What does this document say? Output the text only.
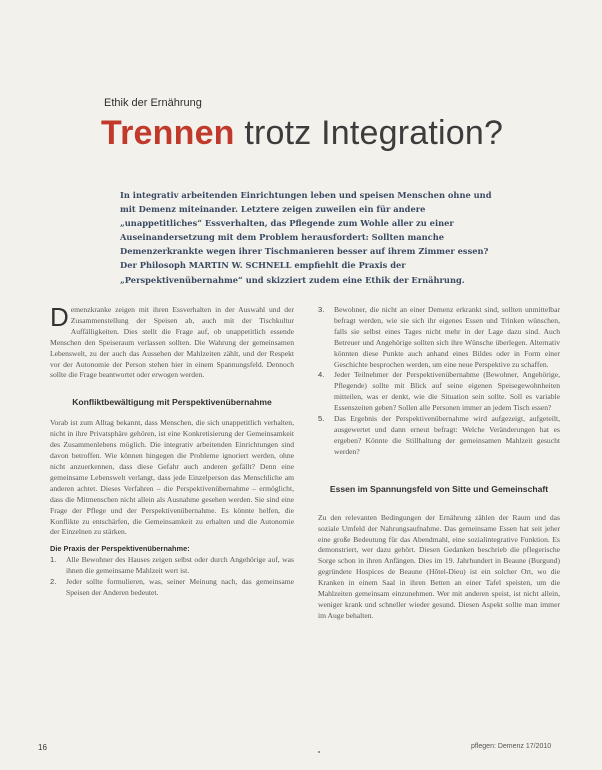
Ethik der Ernährung
Trennen trotz Integration?
In integrativ arbeitenden Einrichtungen leben und speisen Menschen ohne und mit Demenz miteinander. Letztere zeigen zuweilen ein für andere „unappetitliches“ Essverhalten, das Pflegende zum Wohle aller zu einer Auseinandersetzung mit dem Problem herausfordert: Sollten manche Demenzerkrankte wegen ihrer Tischmanieren besser auf ihrem Zimmer essen? Der Philosoph MARTIN W. SCHNELL empfiehlt die Praxis der „Perspektivenübernahme“ und skizziert zudem eine Ethik der Ernährung.

Demenzkranke zeigen mit ihren Essverhalten in der Auswahl und der Zusammenstellung der Speisen ab, auch mit der Tischkultur Auffälligkeiten. Dies stellt die Frage auf, ob unappetitlich essende Menschen den Speiseraum verlassen sollten. Die Wahrung der gemeinsamen Lebenswelt, zu der auch das Aussehen der Mahlzeiten zählt, und der Respekt vor der Autonomie der Person stehen hier in einem Spannungsfeld. Dennoch sollte die Frage beantwortet oder erwogen werden.

Konfliktbewältigung mit Perspektivenübernahme

Vorab ist zum Alltag bekannt, dass Menschen, die sich unappetitlich verhalten, nicht in ihre Privatsphäre gehören, ist eine Konkretisierung der Gemeinsamkeit des Zusammenlebens möglich. Die integrativ arbeitenden Einrichtungen sind davon betroffen. Wie können hingegen die Probleme ignoriert werden, ohne nicht anzuerkennen, dass diese Gefahr auch anderen gefällt? Denn eine gemeinsame Lebenswelt verlangt, dass jede Einzelperson das Menschliche am anderen achtet. Dieses Verfahren – die Perspektivenübernahme – ermöglicht, dass die Mitmenschen nicht allein als Ausnahme gesehen werden. Sie sind eine Frage der Pflege und der Perspektivenübernahme. Es könnte helfen, die Konflikte zu entschärfen, die Gemeinsamkeit zu erhalten und die Autonomie der Einzelnen zu stärken.

Die Praxis der Perspektivenübernahme:

1. Alle Bewohner des Hauses zeigen selbst oder durch Angehörige auf, was ihnen die gemeinsame Mahlzeit wert ist.
2. Jeder sollte formulieren, was, seiner Meinung nach, das gemeinsame Speisen der Anderen bedeutet.
3. Bewohner, die nicht an einer Demenz erkrankt sind, sollten unmittelbar befragt werden, wie sie sich ihr eigenes Essen und Trinken wünschen, falls sie selbst eines Tages nicht mehr in der Lage dazu sind. Auch Betreuer und Angehörige sollten sich ihre Wünsche überlegen. Alternativ könnten diese Punkte auch anhand eines Bildes oder in Form einer Geschichte besprochen werden, um eine neue Perspektive zu schaffen.
4. Jeder Teilnehmer der Perspektivenübernahme (Bewohner, Angehörige, Pflegende) sollte mit Blick auf seine eigenen Speisegewohnheiten mitteilen, was er denkt, wie die Situation sein sollte. Soll es variable Essenszeiten geben? Sollen alle Personen immer an jedem Tisch essen?
5. Das Ergebnis der Perspektivenübernahme wird aufgezeigt, aufgeteilt, ausgewertet und dann erneut befragt: Welche Veränderungen hat es ergeben? Könnte die Stillhaltung der gemeinsamen Mahlzeit gesucht werden?
Essen im Spannungsfeld von Sitte und Gemeinschaft

Zu den relevanten Bedingungen der Ernährung zählen der Raum und das soziale Umfeld der Nahrungsaufnahme. Das gemeinsame Essen hat seit jeher eine große Bedeutung für das Abendmahl, eine sozialintegrative Funktion. Es demonstriert, wer dazu gehört. Diesen Gedanken beschrieb die pflegerische Sorge schon in ihren Anfängen. Dies im 19. Jahrhundert in Beaune (Burgund) gegründete Hospices de Beaune (Hôtel-Dieu) ist ein solcher Ort, wo die Kranken in einem Saal in ihren Betten an einer Tafel speisten, um die Mahlzeiten gemeinsam einzunehmen. Wer mit anderen speist, ist nicht allein, weniger krank und schneller wieder gesund. Diesen Aspekt sollte man immer im Auge behalten.

16	pflegen: Demenz 17/2010
